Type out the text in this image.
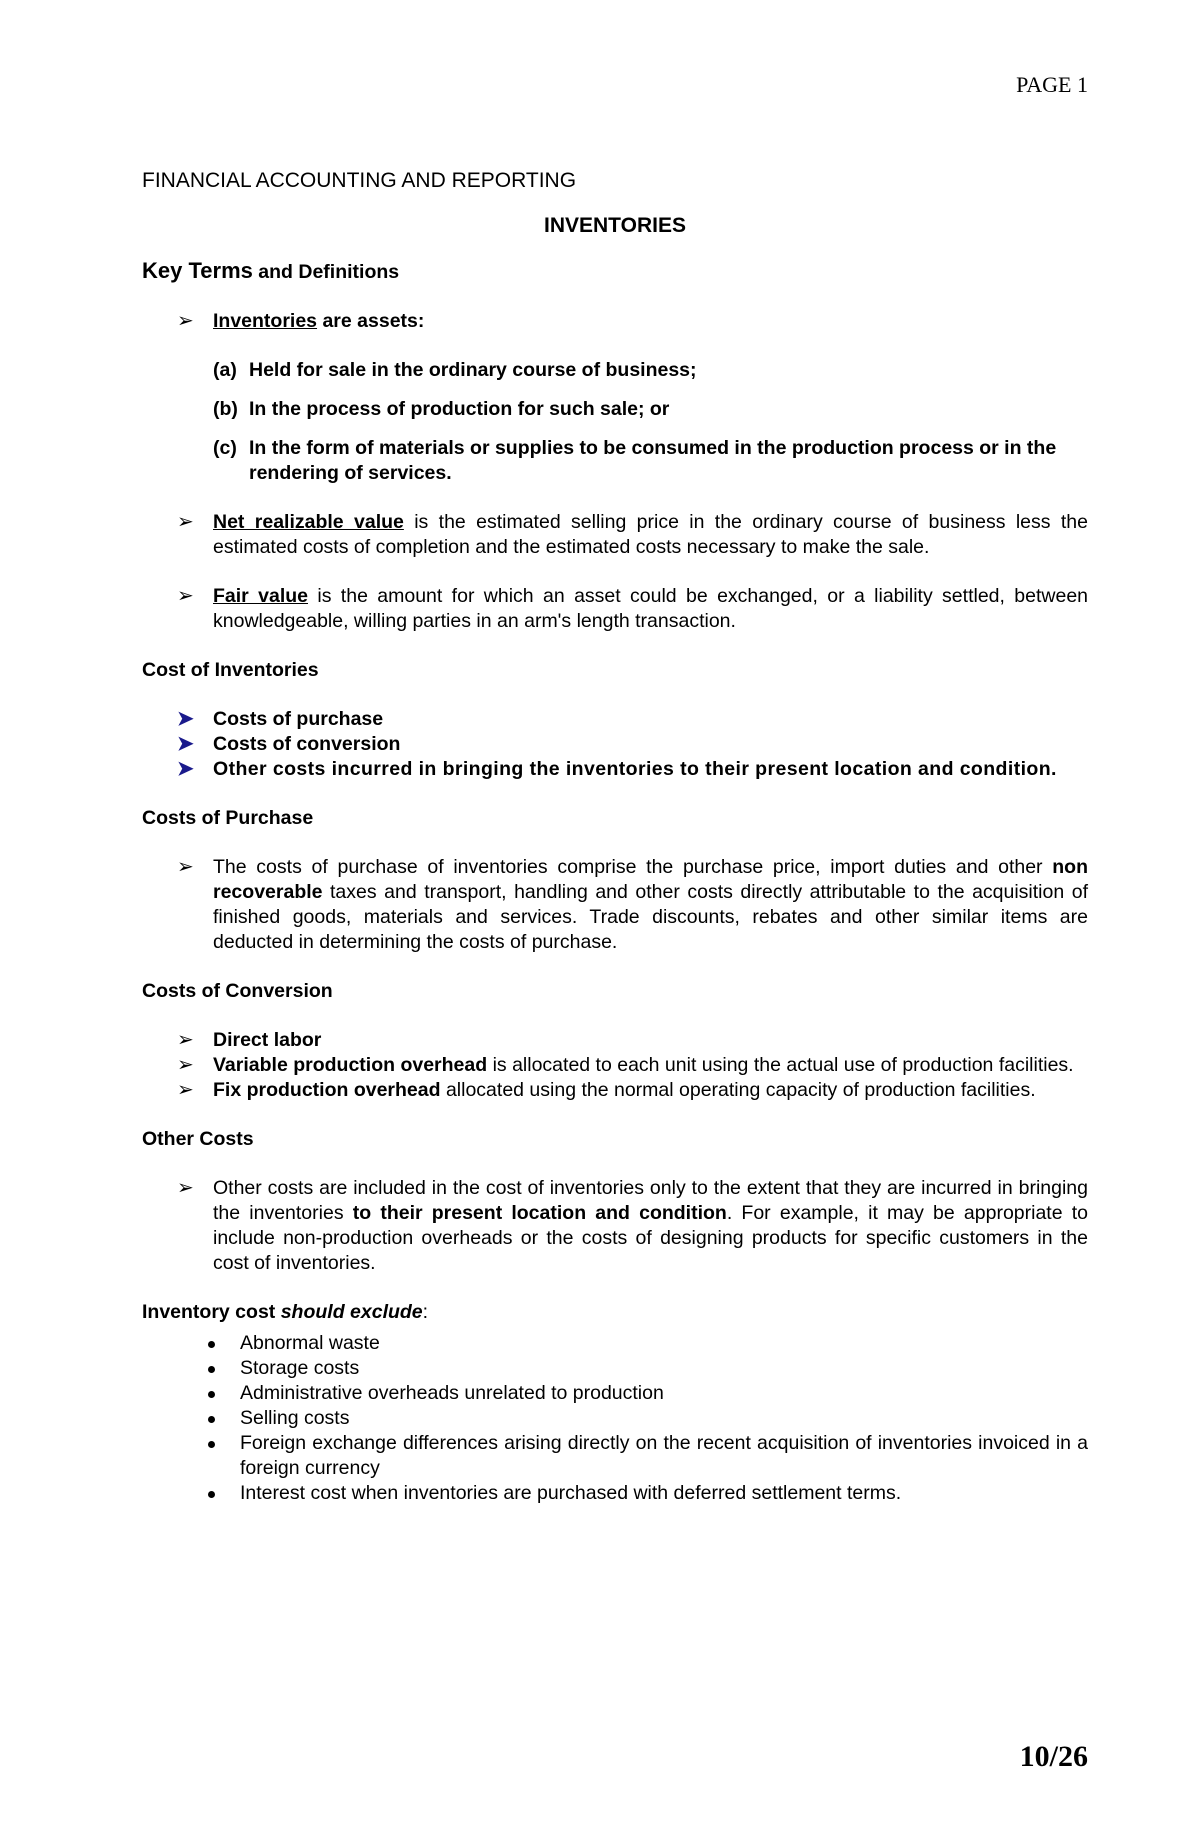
PAGE 1
FINANCIAL ACCOUNTING AND REPORTING
INVENTORIES
Key Terms and Definitions
➢ Inventories are assets:
(a) Held for sale in the ordinary course of business;
(b) In the process of production for such sale; or
(c) In the form of materials or supplies to be consumed in the production process or in the rendering of services.
➢ Net realizable value is the estimated selling price in the ordinary course of business less the estimated costs of completion and the estimated costs necessary to make the sale.
➢ Fair value is the amount for which an asset could be exchanged, or a liability settled, between knowledgeable, willing parties in an arm's length transaction.
Cost of Inventories
➤ Costs of purchase
➤ Costs of conversion
➤ Other costs incurred in bringing the inventories to their present location and condition.
Costs of Purchase
➢ The costs of purchase of inventories comprise the purchase price, import duties and other non recoverable taxes and transport, handling and other costs directly attributable to the acquisition of finished goods, materials and services. Trade discounts, rebates and other similar items are deducted in determining the costs of purchase.
Costs of Conversion
➢ Direct labor
➢ Variable production overhead is allocated to each unit using the actual use of production facilities.
➢ Fix production overhead allocated using the normal operating capacity of production facilities.
Other Costs
➢ Other costs are included in the cost of inventories only to the extent that they are incurred in bringing the inventories to their present location and condition. For example, it may be appropriate to include non-production overheads or the costs of designing products for specific customers in the cost of inventories.
Inventory cost should exclude:
Abnormal waste
Storage costs
Administrative overheads unrelated to production
Selling costs
Foreign exchange differences arising directly on the recent acquisition of inventories invoiced in a foreign currency
Interest cost when inventories are purchased with deferred settlement terms.
10/26
